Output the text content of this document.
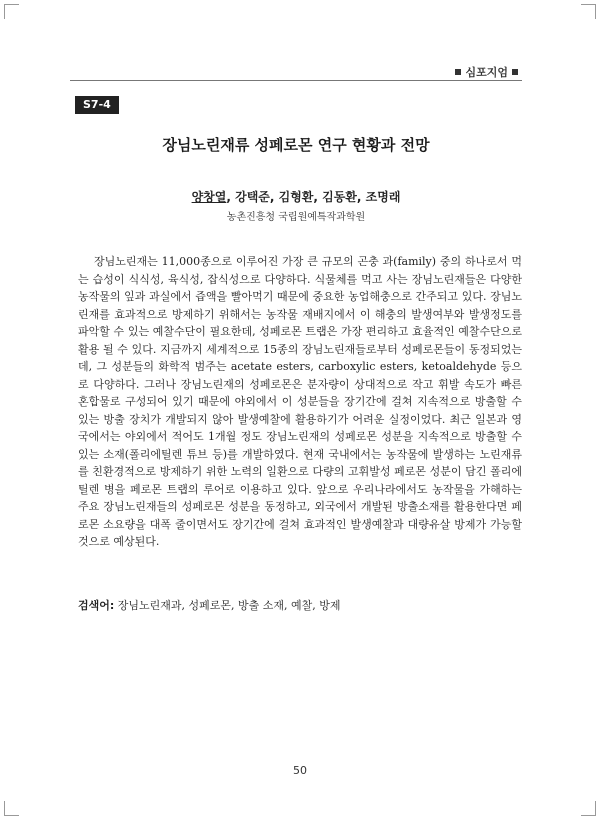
심포지엄
S7-4
장님노린재류 성페로몬 연구 현황과 전망
양창열, 강택준, 김형환, 김동환, 조명래
농촌진흥청 국립원예특작과학원

장님노린재는 11,000종으로 이루어진 가장 큰 규모의 곤충 과(family) 중의 하나로서 먹는 습성이 식식성, 육식성, 잡식성으로 다양하다. 식물체를 먹고 사는 장님노린재들은 다양한 농작물의 잎과 과실에서 즙액을 빨아먹기 때문에 중요한 농업해충으로 간주되고 있다. 장님노린재를 효과적으로 방제하기 위해서는 농작물 재배지에서 이 해충의 발생여부와 발생정도를 파악할 수 있는 예찰수단이 필요한데, 성페로몬 트랩은 가장 편리하고 효율적인 예찰수단으로 활용 될 수 있다. 지금까지 세계적으로 15종의 장님노린재들로부터 성페로몬들이 동정되었는데, 그 성분들의 화학적 범주는 acetate esters, carboxylic esters, ketoaldehyde 등으로 다양하다. 그러나 장님노린재의 성페로몬은 분자량이 상대적으로 작고 휘발 속도가 빠른 혼합물로 구성되어 있기 때문에 야외에서 이 성분들을 장기간에 걸쳐 지속적으로 방출할 수 있는 방출 장치가 개발되지 않아 발생예찰에 활용하기가 어려운 실정이었다. 최근 일본과 영국에서는 야외에서 적어도 1개월 정도 장님노린재의 성페로몬 성분을 지속적으로 방출할 수 있는 소재(폴리에틸렌 튜브 등)를 개발하였다. 현재 국내에서는 농작물에 발생하는 노린재류를 친환경적으로 방제하기 위한 노력의 일환으로 다량의 고휘발성 페로몬 성분이 담긴 폴리에틸렌 병을 페로몬 트랩의 루어로 이용하고 있다. 앞으로 우리나라에서도 농작물을 가해하는 주요 장님노린재들의 성페로몬 성분을 동정하고, 외국에서 개발된 방출소재를 활용한다면 페로몬 소요량을 대폭 줄이면서도 장기간에 걸쳐 효과적인 발생예찰과 대량유살 방제가 가능할 것으로 예상된다.

검색어: 장님노린재과, 성페로몬, 방출 소재, 예찰, 방제
50
